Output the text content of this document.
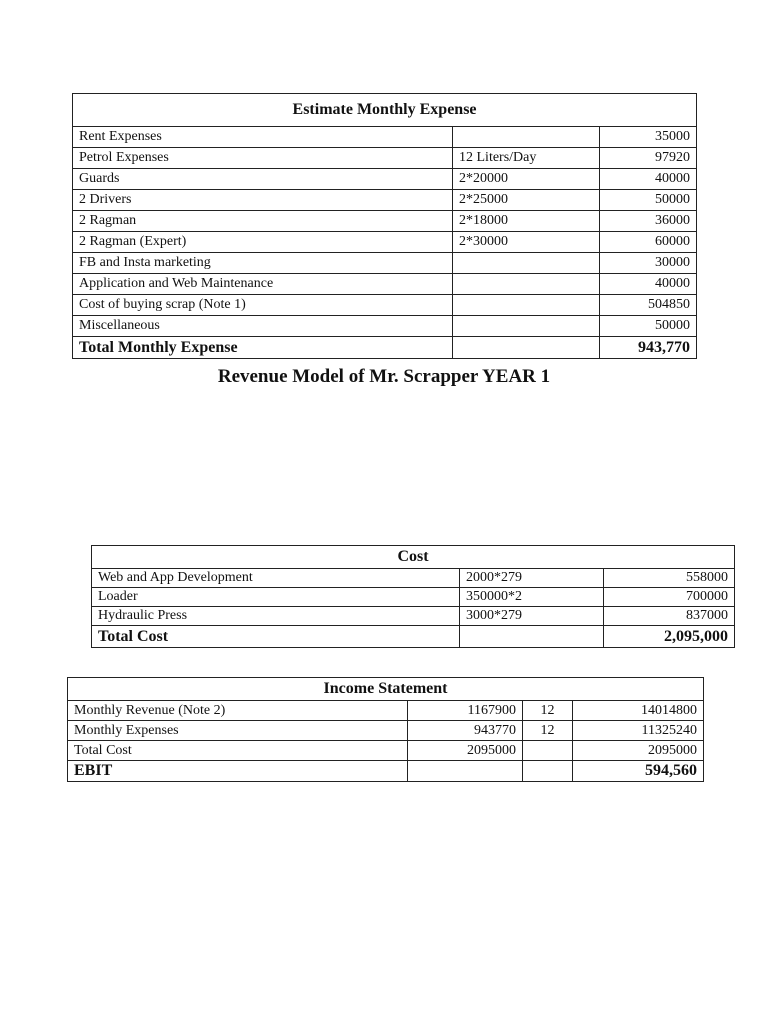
Estimate Monthly Expense		
Rent Expenses		35000
Petrol Expenses	12 Liters/Day	97920
Guards	2*20000	40000
2 Drivers	2*25000	50000
2 Ragman	2*18000	36000
2 Ragman (Expert)	2*30000	60000
FB and Insta marketing		30000
Application and Web Maintenance		40000
Cost of buying scrap (Note 1)		504850
Miscellaneous		50000
Total Monthly Expense		943,770
Revenue Model of Mr. Scrapper YEAR 1
Cost		
Web and App Development	2000*279	558000
Loader	350000*2	700000
Hydraulic Press	3000*279	837000
Total Cost		2,095,000
Income Statement			
Monthly Revenue (Note 2)	1167900	12	14014800
Monthly Expenses	943770	12	11325240
Total Cost	2095000		2095000
EBIT			594,560
